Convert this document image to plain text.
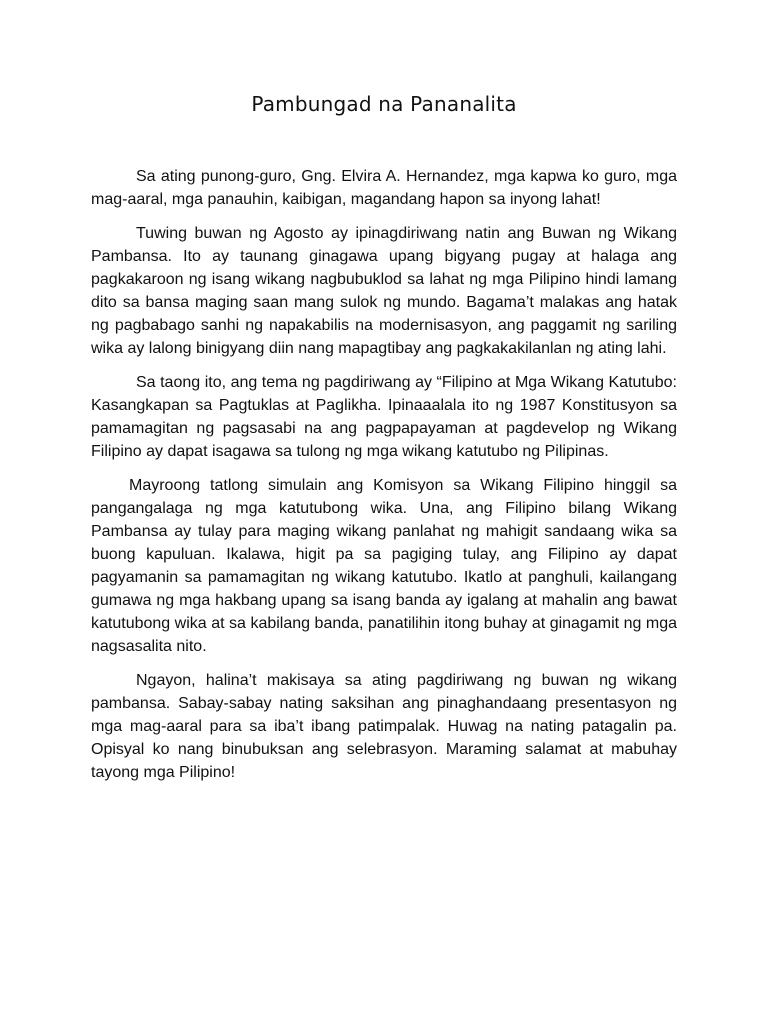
Pambungad na Pananalita

Sa ating punong-guro, Gng. Elvira A. Hernandez, mga kapwa ko guro, mga mag-aaral, mga panauhin, kaibigan, magandang hapon sa inyong lahat!

Tuwing buwan ng Agosto ay ipinagdiriwang natin ang Buwan ng Wikang Pambansa. Ito ay taunang ginagawa upang bigyang pugay at halaga ang pagkakaroon ng isang wikang nagbubuklod sa lahat ng mga Pilipino hindi lamang dito sa bansa maging saan mang sulok ng mundo. Bagama’t malakas ang hatak ng pagbabago sanhi ng napakabilis na modernisasyon, ang paggamit ng sariling wika ay lalong binigyang diin nang mapagtibay ang pagkakakilanlan ng ating lahi.

Sa taong ito, ang tema ng pagdiriwang ay “Filipino at Mga Wikang Katutubo: Kasangkapan sa Pagtuklas at Paglikha. Ipinaaalala ito ng 1987 Konstitusyon sa pamamagitan ng pagsasabi na ang pagpapayaman at pagdevelop ng Wikang Filipino ay dapat isagawa sa tulong ng mga wikang katutubo ng Pilipinas.

Mayroong tatlong simulain ang Komisyon sa Wikang Filipino hinggil sa pangangalaga ng mga katutubong wika. Una, ang Filipino bilang Wikang Pambansa ay tulay para maging wikang panlahat ng mahigit sandaang wika sa buong kapuluan. Ikalawa, higit pa sa pagiging tulay, ang Filipino ay dapat pagyamanin sa pamamagitan ng wikang katutubo. Ikatlo at panghuli, kailangang gumawa ng mga hakbang upang sa isang banda ay igalang at mahalin ang bawat katutubong wika at sa kabilang banda, panatilihin itong buhay at ginagamit ng mga nagsasalita nito.

Ngayon, halina’t makisaya sa ating pagdiriwang ng buwan ng wikang pambansa. Sabay-sabay nating saksihan ang pinaghandaang presentasyon ng mga mag-aaral para sa iba’t ibang patimpalak. Huwag na nating patagalin pa. Opisyal ko nang binubuksan ang selebrasyon. Maraming salamat at mabuhay tayong mga Pilipino!
